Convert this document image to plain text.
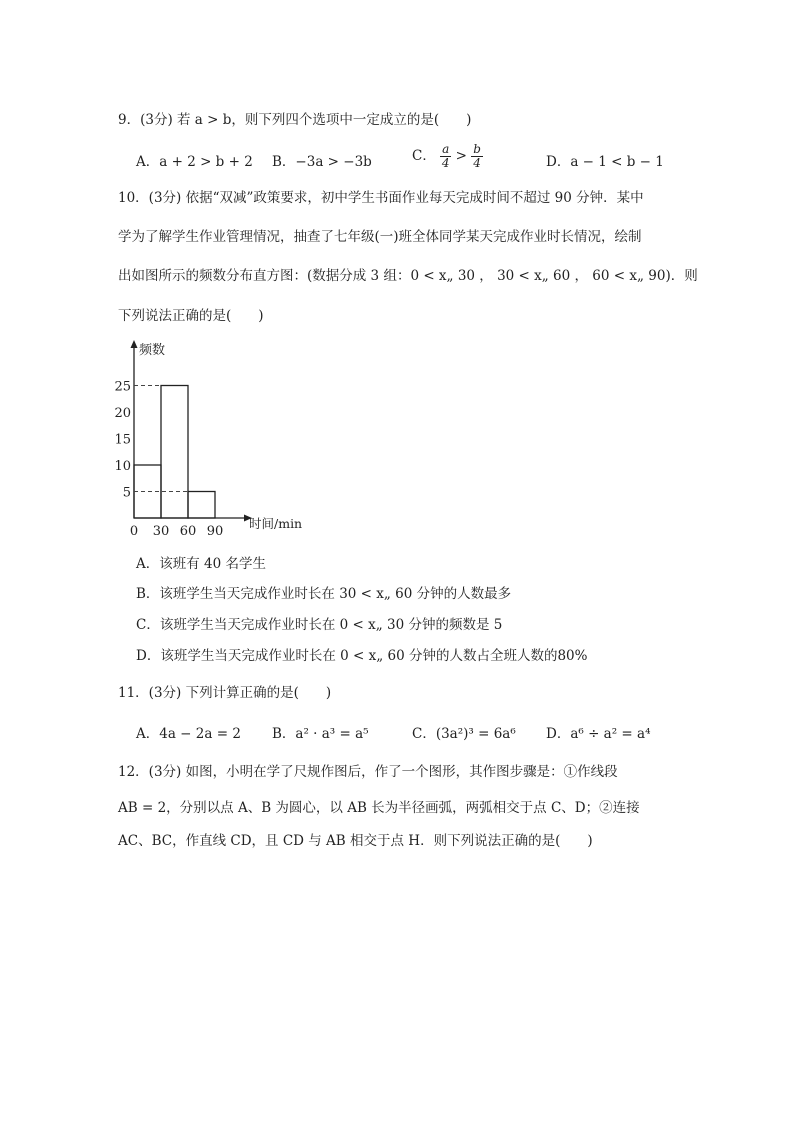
9．(3分) 若 a > b，则下列四个选项中一定成立的是(　　)
A．a + 2 > b + 2 B．−3a > −3b	C． $\frac{a}{4} > \frac{b}{4}$	D．a − 1 < b − 1
10．(3分) 依据“双减”政策要求，初中学生书面作业每天完成时间不超过 90 分钟．某中
学为了解学生作业管理情况，抽查了七年级(一)班全体同学某天完成作业时长情况，绘制
出如图所示的频数分布直方图：(数据分成 3 组：0 < x„ 30 ， 30 < x„ 60 ， 60 < x„ 90)．则
下列说法正确的是(　　)
5
10
15
20
25
0 30 60 90
频数
时间/min
A．该班有 40 名学生
B．该班学生当天完成作业时长在 30 < x„ 60 分钟的人数最多
C．该班学生当天完成作业时长在 0 < x„ 30 分钟的频数是 5
D．该班学生当天完成作业时长在 0 < x„ 60 分钟的人数占全班人数的80%
11．(3分) 下列计算正确的是(　　)
A．4a − 2a = 2 B．a² · a³ = a⁵	C．(3a²)³ = 6a⁶ D．a⁶ ÷ a² = a⁴
12．(3分) 如图，小明在学了尺规作图后，作了一个图形，其作图步骤是：①作线段
AB = 2，分别以点 A、B 为圆心，以 AB 长为半径画弧，两弧相交于点 C、D；②连接
AC、BC，作直线 CD，且 CD 与 AB 相交于点 H．则下列说法正确的是(　　)
